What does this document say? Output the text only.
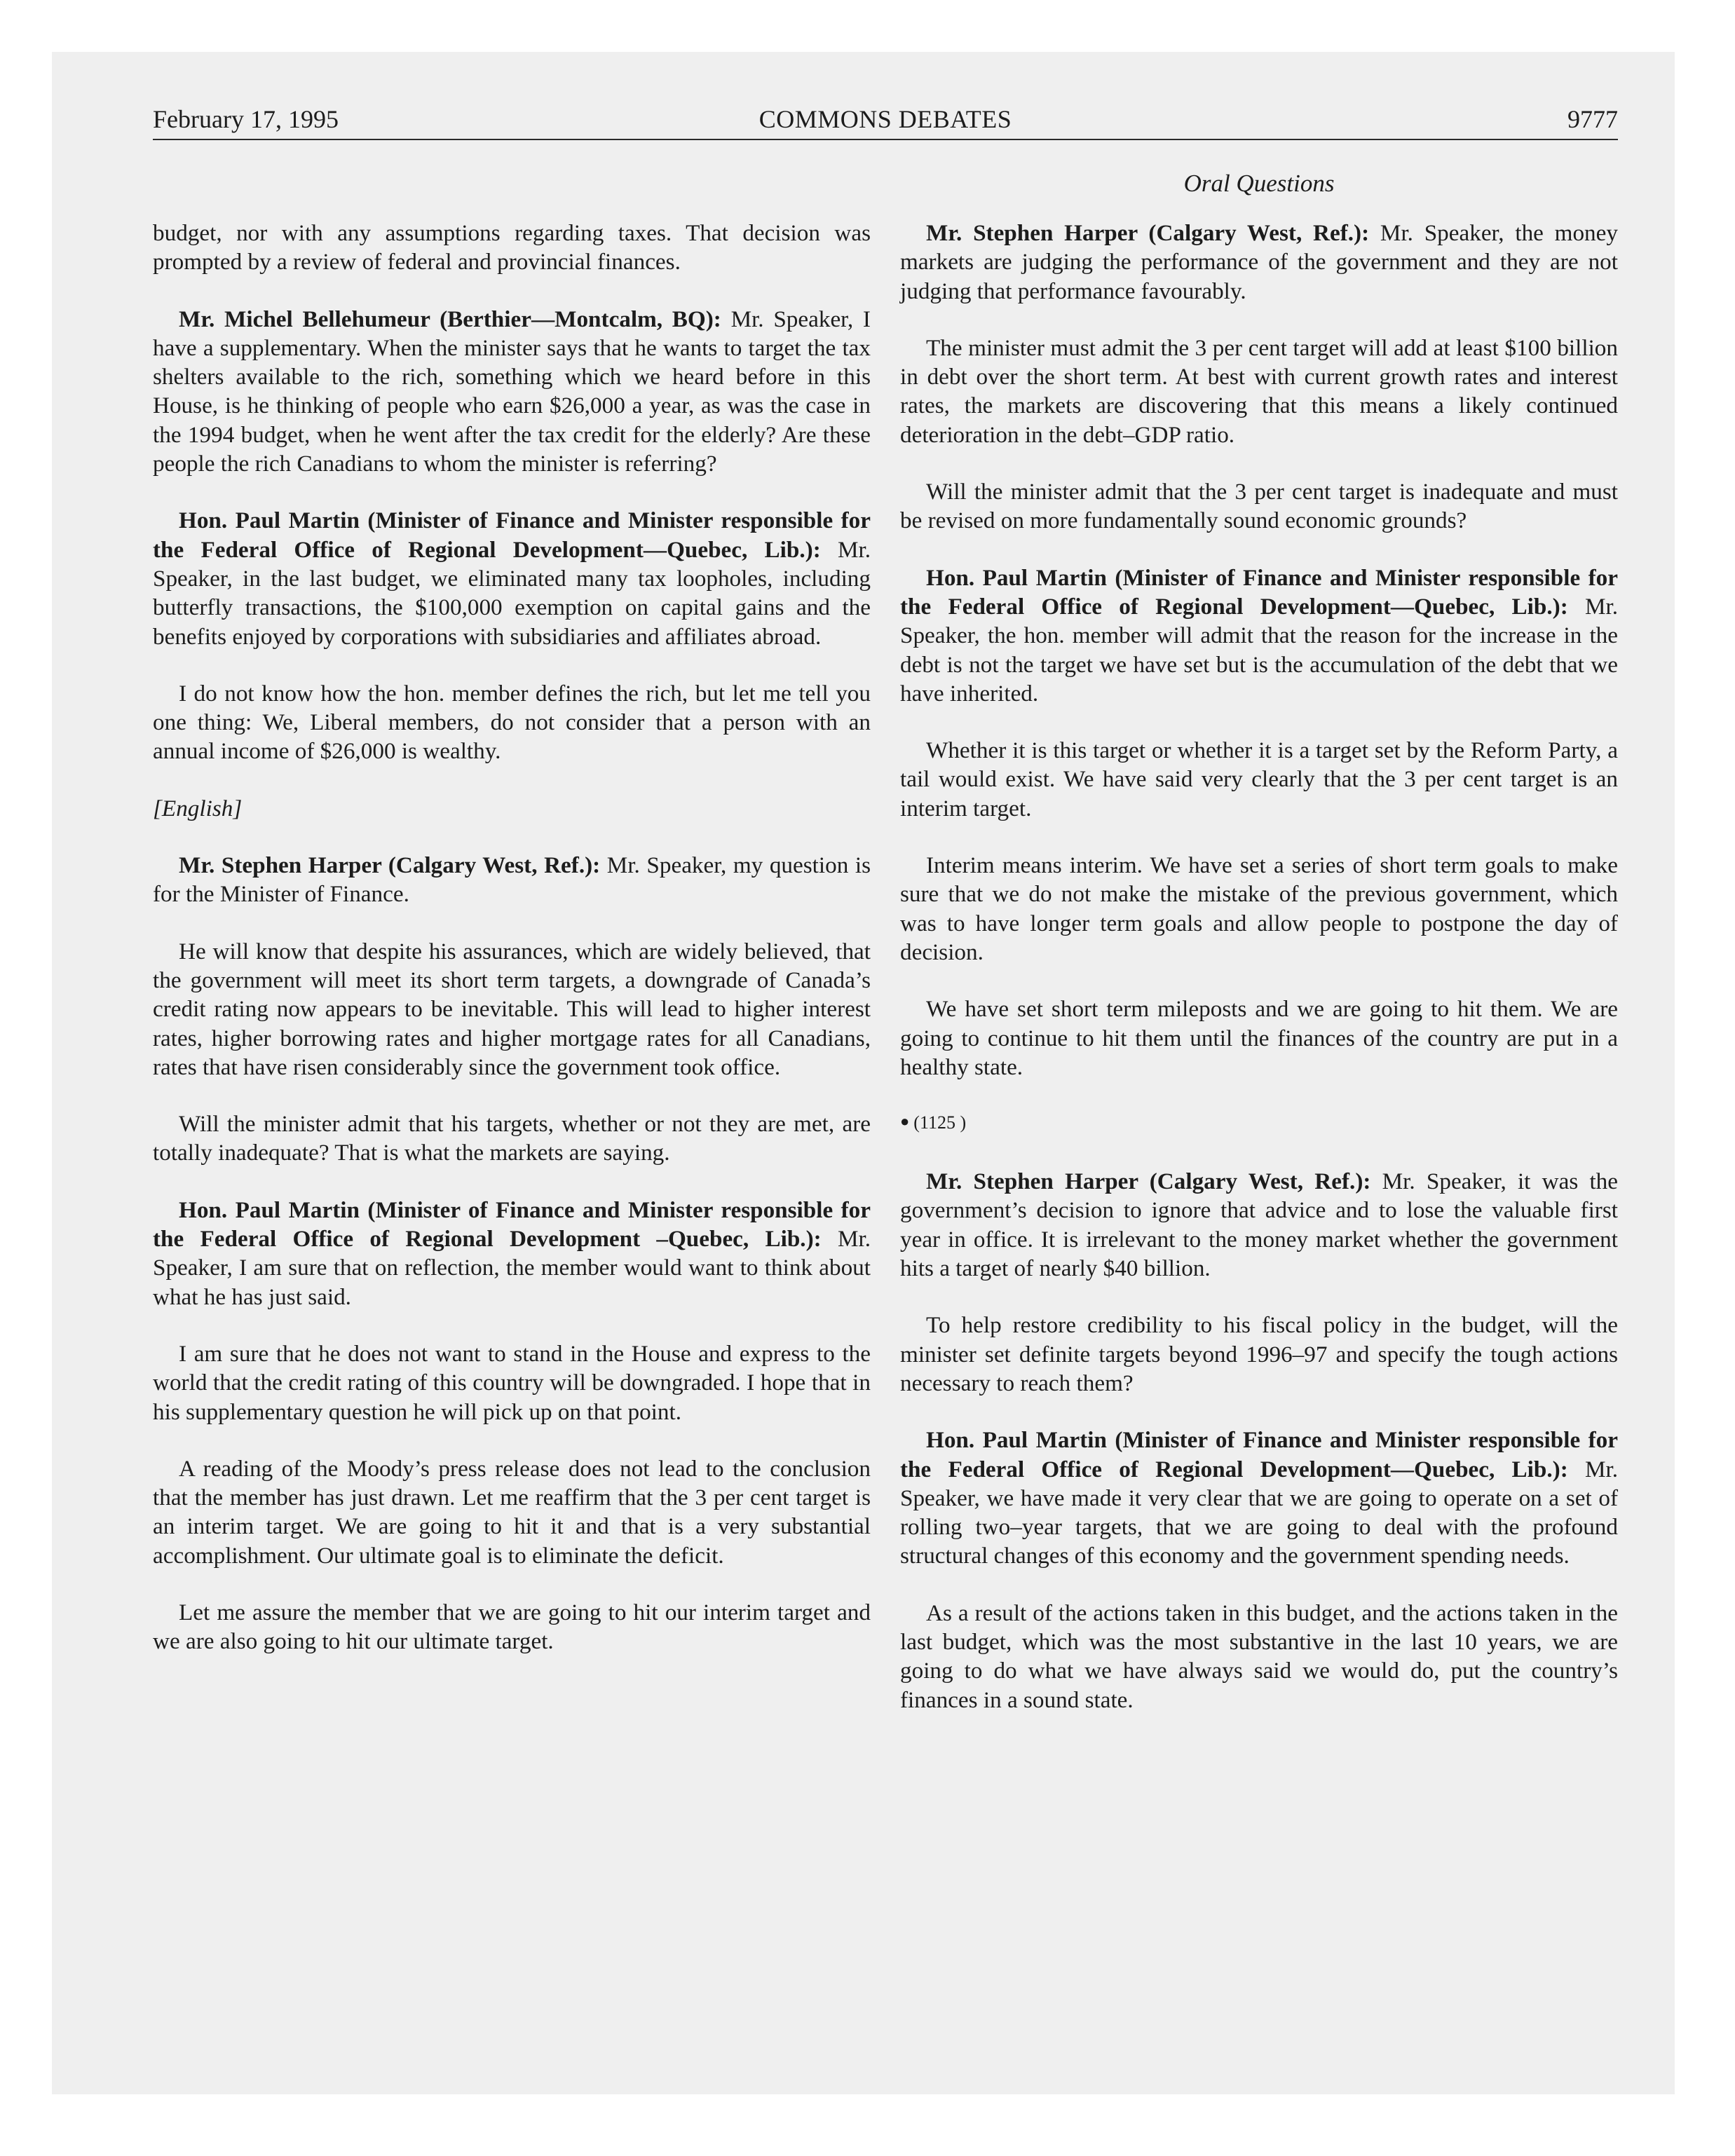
February 17, 1995	COMMONS DEBATES	9777
Oral Questions

budget, nor with any assumptions regarding taxes. That decision was prompted by a review of federal and provincial finances.

Mr. Michel Bellehumeur (Berthier—Montcalm, BQ): Mr. Speaker, I have a supplementary. When the minister says that he wants to target the tax shelters available to the rich, something which we heard before in this House, is he thinking of people who earn $26,000 a year, as was the case in the 1994 budget, when he went after the tax credit for the elderly? Are these people the rich Canadians to whom the minister is referring?

Hon. Paul Martin (Minister of Finance and Minister responsible for the Federal Office of Regional Development—Quebec, Lib.): Mr. Speaker, in the last budget, we eliminated many tax loopholes, including butterfly transactions, the $100,000 exemption on capital gains and the benefits enjoyed by corporations with subsidiaries and affiliates abroad.

I do not know how the hon. member defines the rich, but let me tell you one thing: We, Liberal members, do not consider that a person with an annual income of $26,000 is wealthy.

[English]

Mr. Stephen Harper (Calgary West, Ref.): Mr. Speaker, my question is for the Minister of Finance.

He will know that despite his assurances, which are widely believed, that the government will meet its short term targets, a downgrade of Canada’s credit rating now appears to be inevitable. This will lead to higher interest rates, higher borrowing rates and higher mortgage rates for all Canadians, rates that have risen considerably since the government took office.

Will the minister admit that his targets, whether or not they are met, are totally inadequate? That is what the markets are saying.

Hon. Paul Martin (Minister of Finance and Minister responsible for the Federal Office of Regional Development –Quebec, Lib.): Mr. Speaker, I am sure that on reflection, the member would want to think about what he has just said.

I am sure that he does not want to stand in the House and express to the world that the credit rating of this country will be downgraded. I hope that in his supplementary question he will pick up on that point.

A reading of the Moody’s press release does not lead to the conclusion that the member has just drawn. Let me reaffirm that the 3 per cent target is an interim target. We are going to hit it and that is a very substantial accomplishment. Our ultimate goal is to eliminate the deficit.

Let me assure the member that we are going to hit our interim target and we are also going to hit our ultimate target.

Mr. Stephen Harper (Calgary West, Ref.): Mr. Speaker, the money markets are judging the performance of the government and they are not judging that performance favourably.

The minister must admit the 3 per cent target will add at least $100 billion in debt over the short term. At best with current growth rates and interest rates, the markets are discovering that this means a likely continued deterioration in the debt–GDP ratio.

Will the minister admit that the 3 per cent target is inadequate and must be revised on more fundamentally sound economic grounds?

Hon. Paul Martin (Minister of Finance and Minister responsible for the Federal Office of Regional Development—Quebec, Lib.): Mr. Speaker, the hon. member will admit that the reason for the increase in the debt is not the target we have set but is the accumulation of the debt that we have inherited.

Whether it is this target or whether it is a target set by the Reform Party, a tail would exist. We have said very clearly that the 3 per cent target is an interim target.

Interim means interim. We have set a series of short term goals to make sure that we do not make the mistake of the previous government, which was to have longer term goals and allow people to postpone the day of decision.

We have set short term mileposts and we are going to hit them. We are going to continue to hit them until the finances of the country are put in a healthy state.

● (1125 )

Mr. Stephen Harper (Calgary West, Ref.): Mr. Speaker, it was the government’s decision to ignore that advice and to lose the valuable first year in office. It is irrelevant to the money market whether the government hits a target of nearly $40 billion.

To help restore credibility to his fiscal policy in the budget, will the minister set definite targets beyond 1996–97 and specify the tough actions necessary to reach them?

Hon. Paul Martin (Minister of Finance and Minister responsible for the Federal Office of Regional Development—Quebec, Lib.): Mr. Speaker, we have made it very clear that we are going to operate on a set of rolling two–year targets, that we are going to deal with the profound structural changes of this economy and the government spending needs.

As a result of the actions taken in this budget, and the actions taken in the last budget, which was the most substantive in the last 10 years, we are going to do what we have always said we would do, put the country’s finances in a sound state.
